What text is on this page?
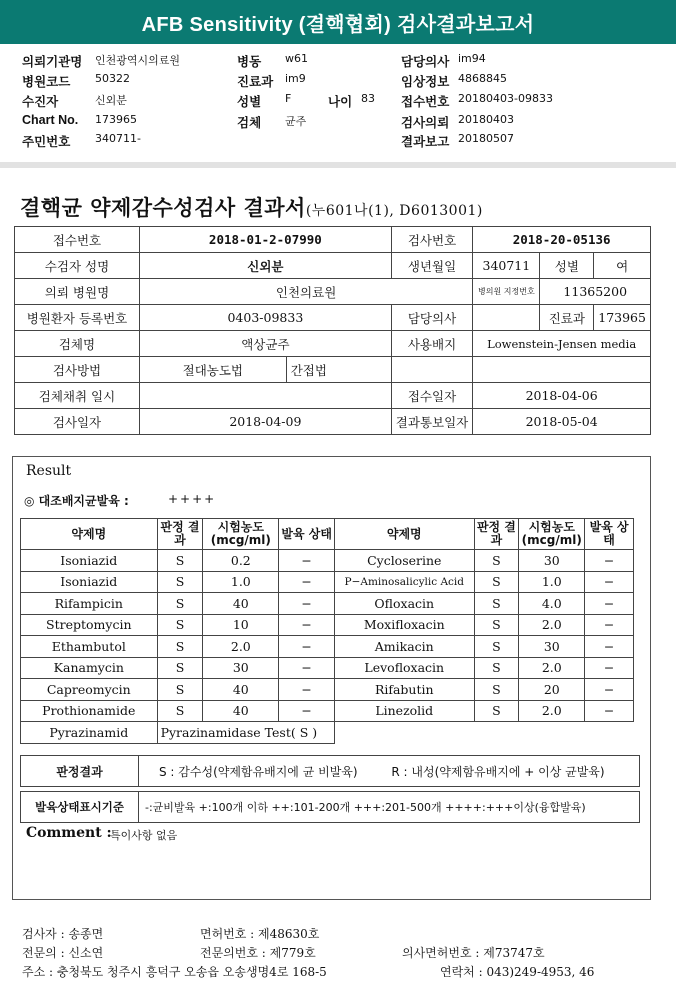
AFB Sensitivity (결핵협회) 검사결과보고서
의뢰기관명 인천광역시의료원	병동 w61	담당의사 im94
병원코드 50322	진료과 im9	임상정보 4868845
수진자	신외분	성별 F	나이 83 접수번호 20180403-09833
Chart No. 173965	검체 균주	검사의뢰 20180403
주민번호 340711-	결과보고 20180507
결핵균 약제감수성검사 결과서(누601나(1), D6013001)
접수번호	2018-01-2-07990		검사번호	2018-20-05136		
수검자 성명	신외분		생년월일	340711	성별	여
의뢰 병원명	인천의료원			병의원 지정번호	11365200	
병원환자 등록번호	0403-09833		담당의사		진료과	173965
검체명	액상균주		사용배지	Lowenstein-Jensen media		
검사방법	절대농도법	간접법				
검체채취 일시			접수일자	2018-04-06		
검사일자	2018-04-09		결과통보일자	2018-05-04		
Result
◎ 대조배지균발육 :	++++
약제명	판정 결과	시험농도 (mcg/ml)	발육 상태	약제명	판정 결과	시험농도 (mcg/ml)	발육 상태
Isoniazid	S	0.2	−	Cycloserine	S	30	−
Isoniazid	S	1.0	−	P−Aminosalicylic Acid	S	1.0	−
Rifampicin	S	40	−	Ofloxacin	S	4.0	−
Streptomycin	S	10	−	Moxifloxacin	S	2.0	−
Ethambutol	S	2.0	−	Amikacin	S	30	−
Kanamycin	S	30	−	Levofloxacin	S	2.0	−
Capreomycin	S	40	−	Rifabutin	S	20	−
Prothionamide	S	40	−	Linezolid	S	2.0	−
Pyrazinamid	Pyrazinamidase Test( S )						
판정결과	S : 감수성(약제함유배지에 균 비발육) R : 내성(약제함유배지에 + 이상 균발육)

발육상태표시기준	-:균비발육 +:100개 이하 ++:101-200개 +++:201-500개 ++++:+++이상(융합발육)
Comment :
특이사항 없음
검사자 : 송종면	면허번호 : 제48630호
전문의 : 신소연	전문의번호 : 제779호	의사면허번호 : 제73747호
주소 : 충청북도 청주시 흥덕구 오송읍 오송생명4로 168-5	연락처 : 043)249-4953, 46
